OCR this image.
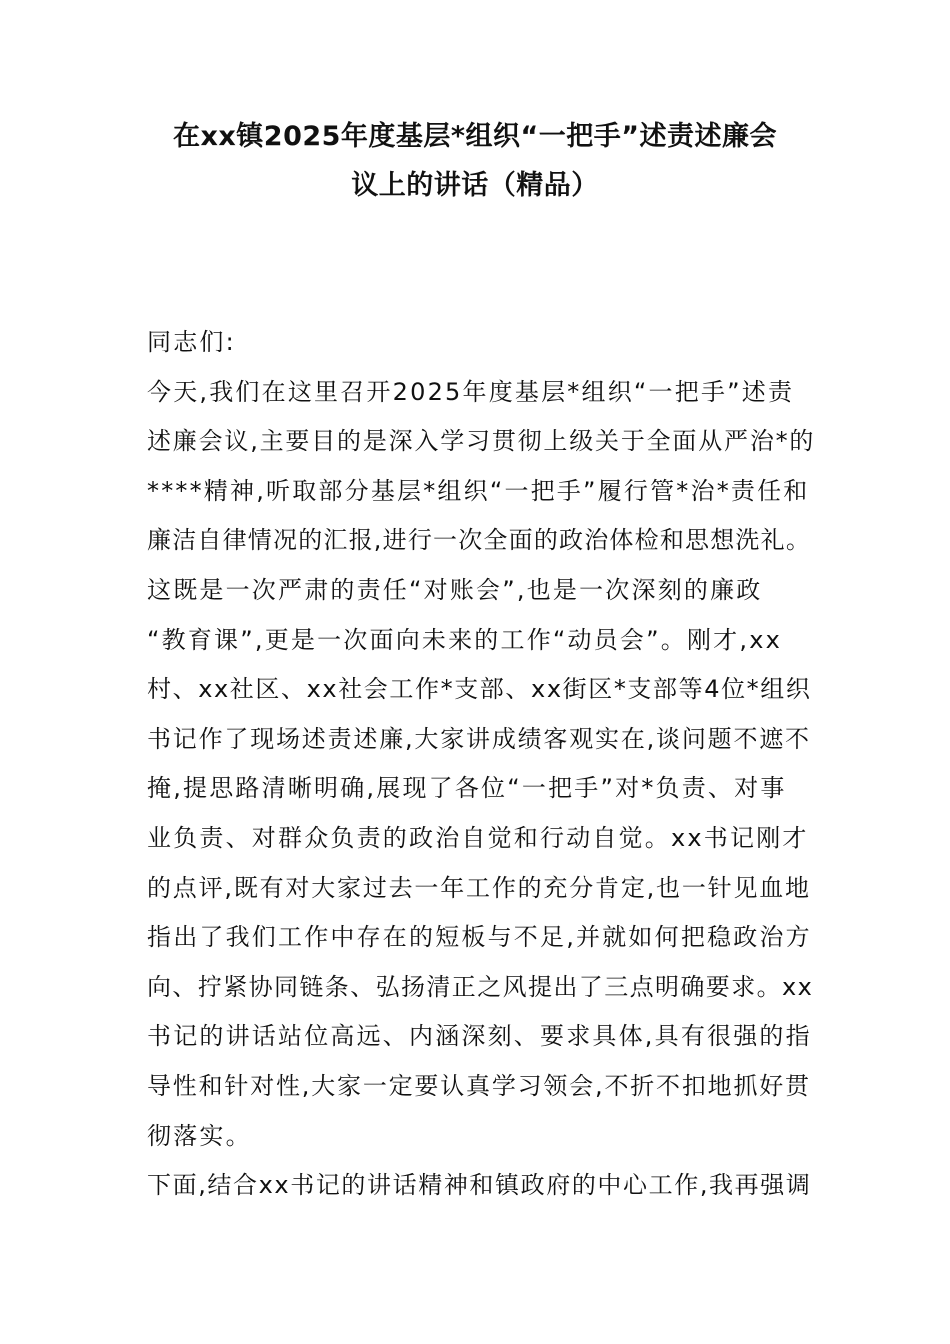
在xx镇2025年度基层*组织“一把手”述责述廉会
议上的讲话（精品）
同志们:
今天,我们在这里召开2025年度基层*组织“一把手”述责
述廉会议,主要目的是深入学习贯彻上级关于全面从严治*的
****精神,听取部分基层*组织“一把手”履行管*治*责任和
廉洁自律情况的汇报,进行一次全面的政治体检和思想洗礼。
这既是一次严肃的责任“对账会”,也是一次深刻的廉政
“教育课”,更是一次面向未来的工作“动员会”。刚才,xx
村、xx社区、xx社会工作*支部、xx街区*支部等4位*组织
书记作了现场述责述廉,大家讲成绩客观实在,谈问题不遮不
掩,提思路清晰明确,展现了各位“一把手”对*负责、对事
业负责、对群众负责的政治自觉和行动自觉。xx书记刚才
的点评,既有对大家过去一年工作的充分肯定,也一针见血地
指出了我们工作中存在的短板与不足,并就如何把稳政治方
向、拧紧协同链条、弘扬清正之风提出了三点明确要求。xx
书记的讲话站位高远、内涵深刻、要求具体,具有很强的指
导性和针对性,大家一定要认真学习领会,不折不扣地抓好贯
彻落实。
下面,结合xx书记的讲话精神和镇政府的中心工作,我再强调
